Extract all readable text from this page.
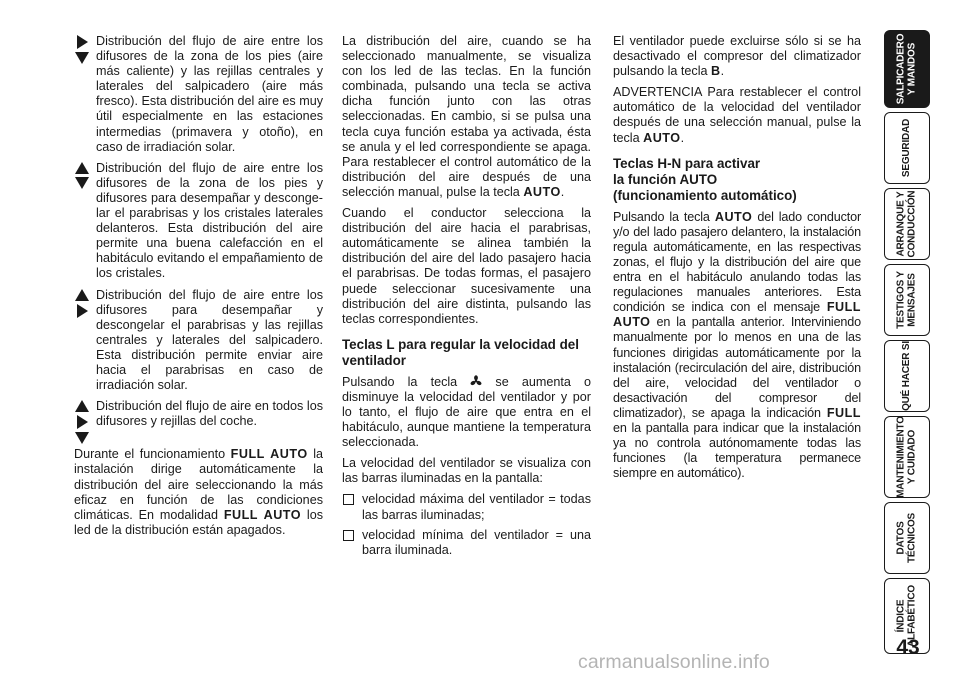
Distribución del flujo de aire entre los difusores de la zona de los pies (aire más caliente) y las rejillas centrales y laterales del salpicadero (aire más fresco). Esta distribución del aire es muy útil especialmente en las estaciones intermedias (primavera y otoño), en caso de irradiación solar.
Distribución del flujo de aire entre los difusores de la zona de los pies y difusores para desempañar y descongelar el parabrisas y los cristales laterales delanteros. Esta distribución del aire permite una buena calefacción en el habitáculo evitando el empañamiento de los cristales.
Distribución del flujo de aire entre los difusores para desempañar y descongelar el parabrisas y las rejillas centrales y laterales del salpicadero. Esta distribución permite enviar aire hacia el parabrisas en caso de irradiación solar.
Distribución del flujo de aire en todos los difusores y rejillas del coche.

Durante el funcionamiento FULL AUTO la instalación dirige automáticamente la distribución del aire seleccionando la más eficaz en función de las condiciones climáticas. En modalidad FULL AUTO los led de la distribución están apagados.

La distribución del aire, cuando se ha seleccionado manualmente, se visualiza con los led de las teclas. En la función combinada, pulsando una tecla se activa dicha función junto con las otras seleccionadas. En cambio, si se pulsa una tecla cuya función estaba ya activada, ésta se anula y el led correspondiente se apaga. Para restablecer el control automático de la distribución del aire después de una selección manual, pulse la tecla AUTO.

Cuando el conductor selecciona la distribución del aire hacia el parabrisas, automáticamente se alinea también la distribución del aire del lado pasajero hacia el parabrisas. De todas formas, el pasajero puede seleccionar sucesivamente una distribución del aire distinta, pulsando las teclas correspondientes.

Teclas L para regular la velocidad del ventilador

Pulsando la tecla	se aumenta o disminuye la velocidad del ventilador y por lo tanto, el flujo de aire que entra en el habitáculo, aunque mantiene la temperatura seleccionada.

La velocidad del ventilador se visualiza con las barras iluminadas en la pantalla:

velocidad máxima del ventilador = todas las barras iluminadas;
velocidad mínima del ventilador = una barra iluminada.

El ventilador puede excluirse sólo si se ha desactivado el compresor del climatizador pulsando la tecla B.

ADVERTENCIA Para restablecer el control automático de la velocidad del ventilador después de una selección manual, pulse la tecla AUTO.

Teclas H-N para activar
la función AUTO
(funcionamiento automático)

Pulsando la tecla AUTO del lado conductor y/o del lado pasajero delantero, la instalación regula automáticamente, en las respectivas zonas, el flujo y la distribución del aire que entra en el habitáculo anulando todas las regulaciones manuales anteriores. Esta condición se indica con el mensaje FULL AUTO en la pantalla anterior. Interviniendo manualmente por lo menos en una de las funciones dirigidas automáticamente por la instalación (recirculación del aire, distribución del aire, velocidad del ventilador o desactivación del compresor del climatizador), se apaga la indicación FULL en la pantalla para indicar que la instalación ya no controla autónomamente todas las funciones (la temperatura permanece siempre en automático).

SALPICADERO
Y MANDOS
SEGURIDAD
ARRANQUE Y
CONDUCCIÓN
TESTIGOS Y
MENSAJES
QUÉ HACER SI
MANTENIMIENTO
Y CUIDADO
DATOS
TÉCNICOS
ÍNDICE
ALFABÉTICO
43
carmanualsonline.info
